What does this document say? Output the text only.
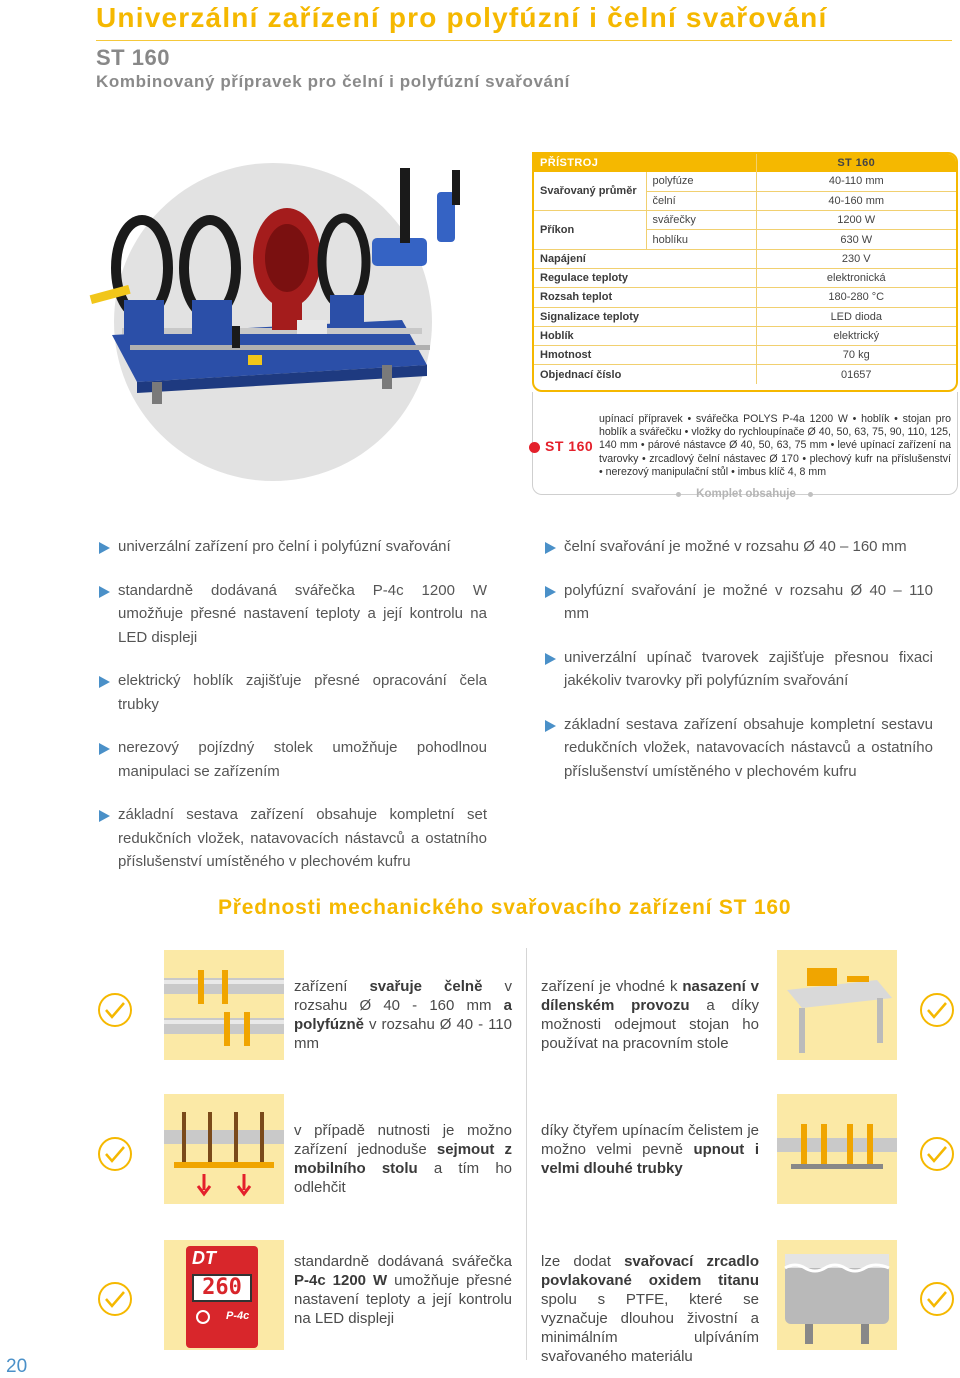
Univerzální zařízení pro polyfúzní i čelní svařování
ST 160
Kombinovaný přípravek pro čelní i polyfúzní svařování
PŘÍSTROJ		ST 160
Svařovaný průměr	polyfúze	40-110 mm
	čelní	40-160 mm
Příkon	svářečky	1200 W
	hoblíku	630 W
Napájení		230 V
Regulace teploty		elektronická
Rozsah teplot		180-280 °C
Signalizace teploty		LED dioda
Hoblík		elektrický
Hmotnost		70 kg
Objednací číslo		01657
ST 160
upínací přípravek • svářečka POLYS P-4a 1200 W • hoblík • stojan pro hoblík a svářečku • vložky do rychloupínače Ø 40, 50, 63, 75, 90, 110, 125, 140 mm • párové nástavce Ø 40, 50, 63, 75 mm • levé upínací zařízení na tvarovky • zrcadlový čelní nástavec Ø 170 • plechový kufr na příslušenství • nerezový manipulační stůl • imbus klíč 4, 8 mm
Komplet obsahuje
univerzální zařízení pro čelní i polyfúzní svařování
standardně dodávaná svářečka P-4c 1200 W umožňuje přesné nastavení teploty a její kontrolu na LED displeji
elektrický hoblík zajišťuje přesné opracování čela trubky
nerezový pojízdný stolek umožňuje pohodlnou manipulaci se zařízením
základní sestava zařízení obsahuje kompletní set redukčních vložek, natavovacích nástavců a ostatního příslušenství umístěného v plechovém kufru
čelní svařování je možné v rozsahu Ø 40 – 160 mm
polyfúzní svařování je možné v rozsahu Ø 40 – 110 mm
univerzální upínač tvarovek zajišťuje přesnou fixaci jakékoliv tvarovky při polyfúzním svařování
základní sestava zařízení obsahuje kompletní sestavu redukčních vložek, natavovacích nástavců a ostatního příslušenství umístěného v plechovém kufru
Přednosti mechanického svařovacího zařízení ST 160
zařízení svařuje čelně v rozsahu Ø 40 - 160 mm a polyfúzně v rozsahu Ø 40 - 110 mm
zařízení je vhodné k nasazení v dílenském provozu a díky možnosti odejmout stojan ho používat na pracovním stole
v případě nutnosti je možno zařízení jednoduše sejmout z mobilního stolu a tím ho odlehčit
díky čtyřem upínacím čelistem je možno velmi pevně upnout i velmi dlouhé trubky
DT
260
P-4c
standardně dodávaná svářečka P-4c 1200 W umožňuje přesné nastavení teploty a její kontrolu na LED displeji
lze dodat svařovací zrcadlo povlakované oxidem titanu spolu s PTFE, které se vyznačuje dlouhou živostní a minimálním ulpíváním svařovaného materiálu
20
